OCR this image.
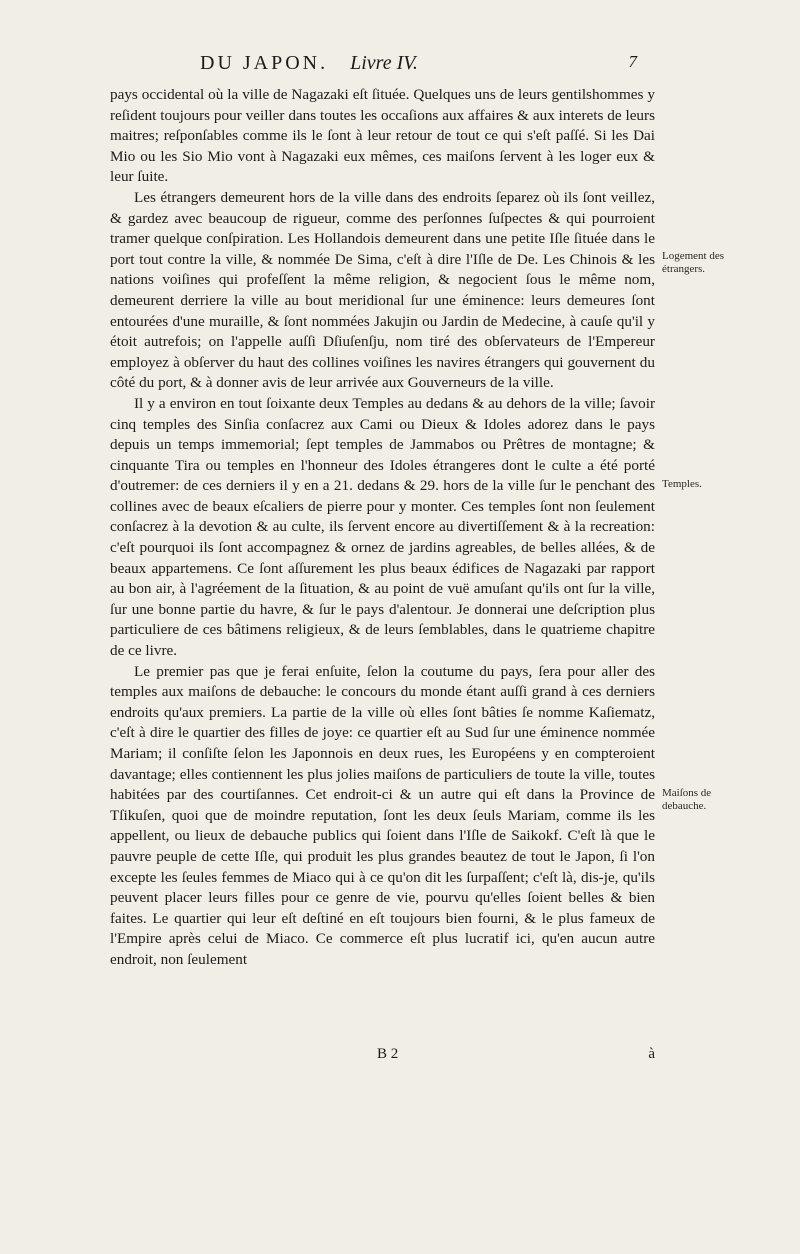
DU JAPON. Livre IV.	7

pays occidental où la ville de Nagazaki eſt ſituée. Quelques uns de leurs gentilshommes y reſident toujours pour veiller dans toutes les occaſions aux affaires & aux interets de leurs maitres; reſponſables comme ils le ſont à leur retour de tout ce qui s'eſt paſſé. Si les Dai Mio ou les Sio Mio vont à Nagazaki eux mêmes, ces maiſons ſervent à les loger eux & leur ſuite.

Les étrangers demeurent hors de la ville dans des endroits ſeparez où ils ſont veillez, & gardez avec beaucoup de rigueur, comme des perſonnes ſuſpectes & qui pourroient tramer quelque conſpiration. Les Hollandois demeurent dans une petite Iſle ſituée dans le port tout contre la ville, & nommée De Sima, c'eſt à dire l'Iſle de De. Les Chinois & les nations voiſines qui profeſſent la même religion, & negocient ſous le même nom, demeurent derriere la ville au bout meridional ſur une éminence: leurs demeures ſont entourées d'une muraille, & ſont nommées Jakujin ou Jardin de Medecine, à cauſe qu'il y étoit autrefois; on l'appelle auſſi Dſiuſenſju, nom tiré des obſervateurs de l'Empereur employez à obſerver du haut des collines voiſines les navires étrangers qui gouvernent du côté du port, & à donner avis de leur arrivée aux Gouverneurs de la ville.

Il y a environ en tout ſoixante deux Temples au dedans & au dehors de la ville; ſavoir cinq temples des Sinſia conſacrez aux Cami ou Dieux & Idoles adorez dans le pays depuis un temps immemorial; ſept temples de Jammabos ou Prêtres de montagne; & cinquante Tira ou temples en l'honneur des Idoles étrangeres dont le culte a été porté d'outremer: de ces derniers il y en a 21. dedans & 29. hors de la ville ſur le penchant des collines avec de beaux eſcaliers de pierre pour y monter. Ces temples ſont non ſeulement conſacrez à la devotion & au culte, ils ſervent encore au divertiſſement & à la recreation: c'eſt pourquoi ils ſont accompagnez & ornez de jardins agreables, de belles allées, & de beaux appartemens. Ce ſont aſſurement les plus beaux édifices de Nagazaki par rapport au bon air, à l'agréement de la ſituation, & au point de vuë amuſant qu'ils ont ſur la ville, ſur une bonne partie du havre, & ſur le pays d'alentour. Je donnerai une deſcription plus particuliere de ces bâtimens religieux, & de leurs ſemblables, dans le quatrieme chapitre de ce livre.

Le premier pas que je ferai enſuite, ſelon la coutume du pays, ſera pour aller des temples aux maiſons de debauche: le concours du monde étant auſſi grand à ces derniers endroits qu'aux premiers. La partie de la ville où elles ſont bâties ſe nomme Kaſiematz, c'eſt à dire le quartier des filles de joye: ce quartier eſt au Sud ſur une éminence nommée Mariam; il conſiſte ſelon les Japonnois en deux rues, les Européens y en compteroient davantage; elles contiennent les plus jolies maiſons de particuliers de toute la ville, toutes habitées par des courtiſannes. Cet endroit-ci & un autre qui eſt dans la Province de Tſikuſen, quoi que de moindre reputation, ſont les deux ſeuls Mariam, comme ils les appellent, ou lieux de debauche publics qui ſoient dans l'Iſle de Saikokf. C'eſt là que le pauvre peuple de cette Iſle, qui produit les plus grandes beautez de tout le Japon, ſi l'on excepte les ſeules femmes de Miaco qui à ce qu'on dit les ſurpaſſent; c'eſt là, dis-je, qu'ils peuvent placer leurs filles pour ce genre de vie, pourvu qu'elles ſoient belles & bien faites. Le quartier qui leur eſt deſtiné en eſt toujours bien fourni, & le plus fameux de l'Empire après celui de Miaco. Ce commerce eſt plus lucratif ici, qu'en aucun autre endroit, non ſeulement

Logement des étrangers.
Temples.
Maiſons de debauche.
B 2	à
